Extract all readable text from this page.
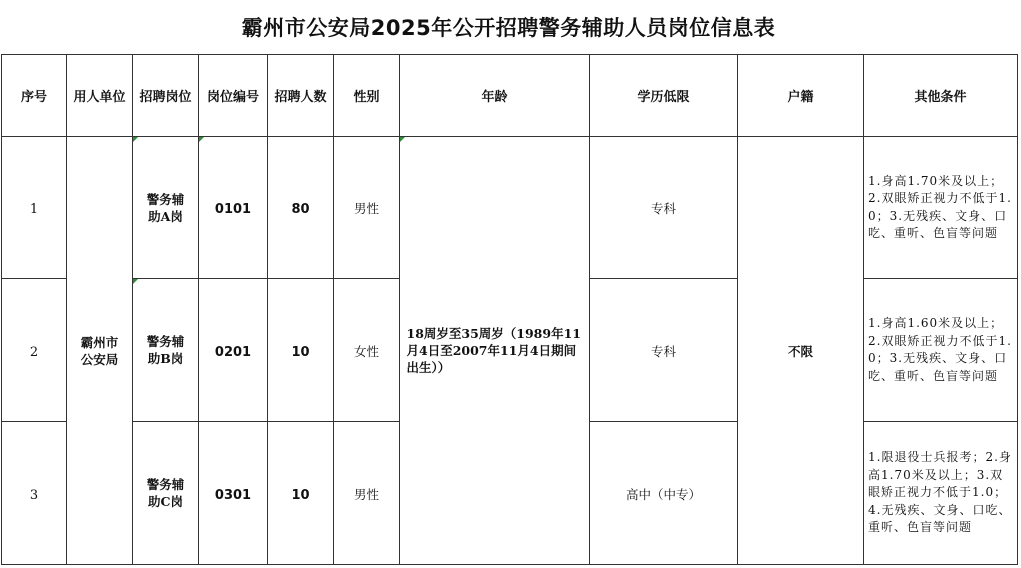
霸州市公安局2025年公开招聘警务辅助人员岗位信息表
序号	用人单位	招聘岗位	岗位编号	招聘人数	性别	年龄	学历低限	户籍	其他条件
1	霸州市公安局	警务辅助A岗	0101	80	男性	18周岁至35周岁（1989年11月4日至2007年11月4日期间出生））	专科	不限	1.身高1.70米及以上；2.双眼矫正视力不低于1.0；3.无残疾、文身、口吃、重听、色盲等问题

2		警务辅助B岗	0201	10	女性		专科		1.身高1.60米及以上；2.双眼矫正视力不低于1.0；3.无残疾、文身、口吃、重听、色盲等问题

3		警务辅助C岗	0301	10	男性		高中（中专）		1.限退役士兵报考；2.身高1.70米及以上；3.双眼矫正视力不低于1.0；4.无残疾、文身、口吃、重听、色盲等问题
